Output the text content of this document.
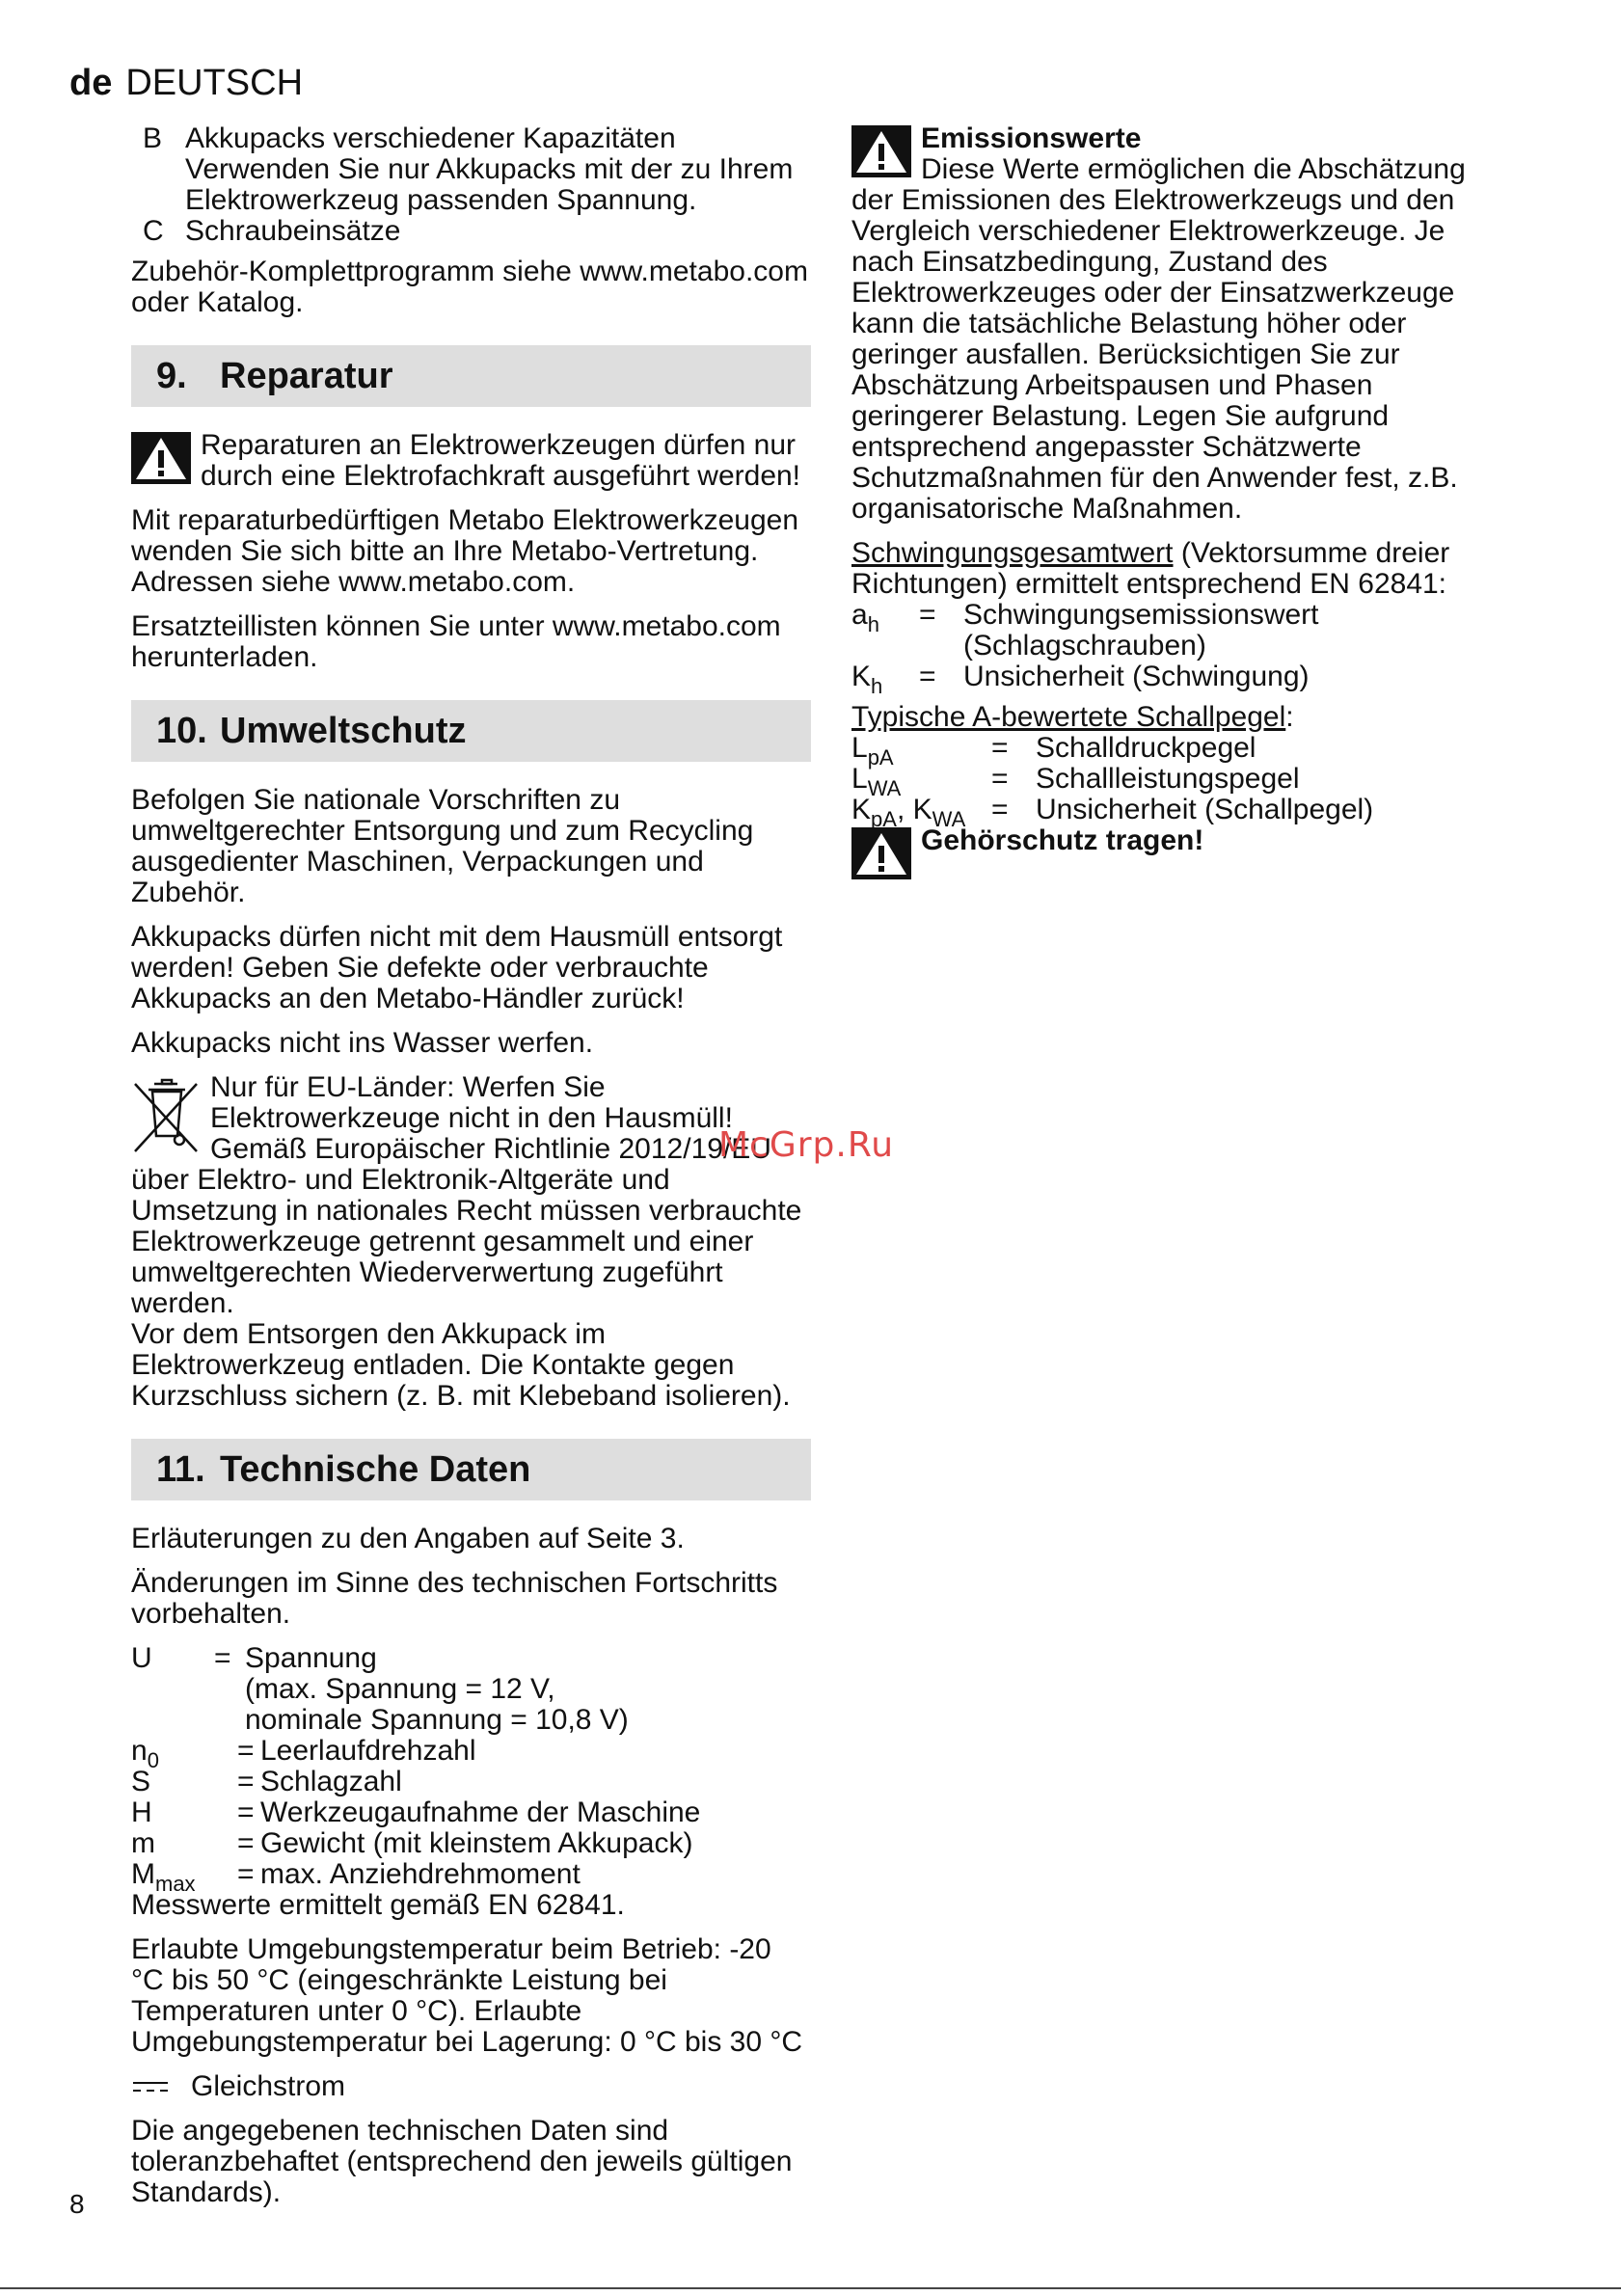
de DEUTSCH
B Akkupacks verschiedener Kapazitäten

Verwenden Sie nur Akkupacks mit der zu Ihrem Elektrowerkzeug passenden Spannung.

C Schraubeinsätze

Zubehör-Komplettprogramm siehe www.metabo.com oder Katalog.

9. Reparatur

Reparaturen an Elektrowerkzeugen dürfen nur durch eine Elektrofachkraft ausgeführt werden!

Mit reparaturbedürftigen Metabo Elektrowerkzeugen wenden Sie sich bitte an Ihre Metabo-Vertretung. Adressen siehe www.metabo.com.

Ersatzteillisten können Sie unter www.metabo.com herunterladen.

10. Umweltschutz

Befolgen Sie nationale Vorschriften zu umweltgerechter Entsorgung und zum Recycling ausgedienter Maschinen, Verpackungen und Zubehör.

Akkupacks dürfen nicht mit dem Hausmüll entsorgt werden! Geben Sie defekte oder verbrauchte Akkupacks an den Metabo-Händler zurück!

Akkupacks nicht ins Wasser werfen.

Nur für EU-Länder: Werfen Sie Elektrowerkzeuge nicht in den Hausmüll! Gemäß Europäischer Richtlinie 2012/19/EU über Elektro- und Elektronik-Altgeräte und Umsetzung in nationales Recht müssen verbrauchte Elektrowerkzeuge getrennt gesammelt und einer umweltgerechten Wiederverwertung zugeführt werden.

Vor dem Entsorgen den Akkupack im Elektrowerkzeug entladen. Die Kontakte gegen Kurzschluss sichern (z. B. mit Klebeband isolieren).

11. Technische Daten

Erläuterungen zu den Angaben auf Seite 3.

Änderungen im Sinne des technischen Fortschritts vorbehalten.

U	= Spannung

(max. Spannung = 12 V,

nominale Spannung = 10,8 V)

$n_0$	= Leerlaufdrehzahl
S	= Schlagzahl
H	= Werkzeugaufnahme der Maschine
m	= Gewicht (mit kleinstem Akkupack)
$M_{max}$	= max. Anziehdrehmoment

Messwerte ermittelt gemäß EN 62841.

Erlaubte Umgebungstemperatur beim Betrieb: -20 °C bis 50 °C (eingeschränkte Leistung bei Temperaturen unter 0 °C). Erlaubte Umgebungstemperatur bei Lagerung: 0 °C bis 30 °C

Gleichstrom

Die angegebenen technischen Daten sind toleranzbehaftet (entsprechend den jeweils gültigen Standards).

Emissionswerte

Diese Werte ermöglichen die Abschätzung der Emissionen des Elektrowerkzeugs und den Vergleich verschiedener Elektrowerkzeuge. Je nach Einsatzbedingung, Zustand des Elektrowerkzeuges oder der Einsatzwerkzeuge kann die tatsächliche Belastung höher oder geringer ausfallen. Berücksichtigen Sie zur Abschätzung Arbeitspausen und Phasen geringerer Belastung. Legen Sie aufgrund entsprechend angepasster Schätzwerte Schutzmaßnahmen für den Anwender fest, z.B. organisatorische Maßnahmen.

Schwingungsgesamtwert (Vektorsumme dreier Richtungen) ermittelt entsprechend EN 62841:

$a_h$	= Schwingungsemissionswert (Schlagschrauben)
$K_h$	= Unsicherheit (Schwingung)

Typische A-bewertete Schallpegel:

$L_{pA}$	= Schalldruckpegel
$L_{WA}$	= Schallleistungspegel
$K_{pA}$, $K_{WA}$ = Unsicherheit (Schallpegel)

Gehörschutz tragen!

McGrp.Ru
8
